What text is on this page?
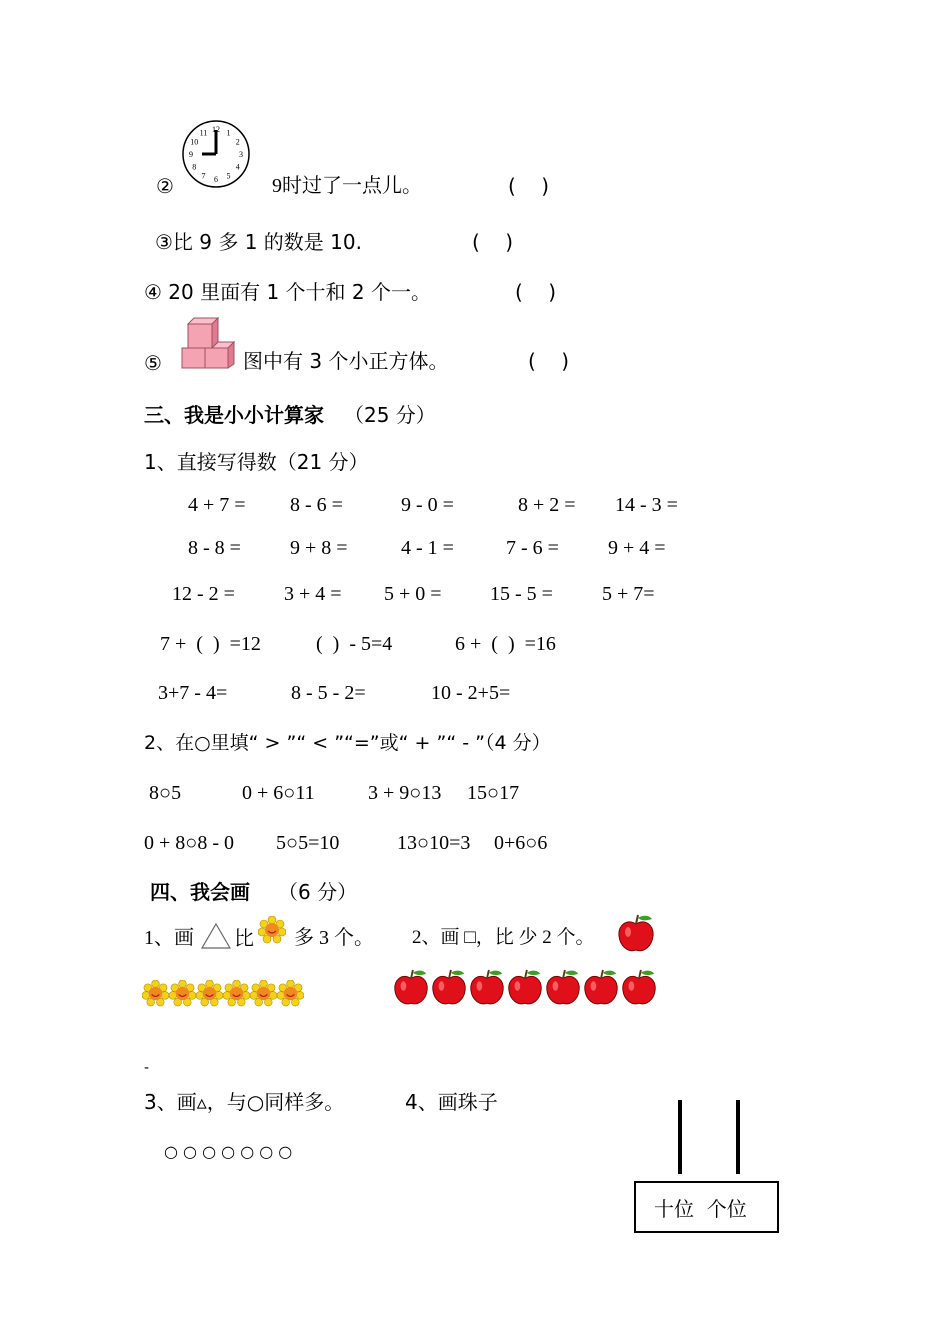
12 1
2
3
4
5
6
7
8
9
10
11
②	9时过了一点儿。	(    )
③比 9 多 1 的数是 10.	(    )
④ 20 里面有 1 个十和 2 个一。	(    )
⑤	图中有 3 个小正方体。	(    )
三、我是小小计算家 （25 分）
1、直接写得数（21 分）
4 + 7 = 8 - 6 =	9 - 0 =	8 + 2 = 14 - 3 =
8 - 8 = 9 + 8 =	4 - 1 =	7 - 6 = 9 + 4 =
12 - 2 = 3 + 4 = 5 + 0 = 15 - 5 = 5 + 7=
7 +  (  )  =12	(  )  - 5=4	6 +  (  )  =16
3+7 - 4=	8 - 5 - 2=	10 - 2+5=
2、在○里填“ > ”“ < ”“=”或“ + ”“ - ”（4 分）
8○5	0 + 6○11	3 + 9○13 15○17
0 + 8○8 - 0 5○5=10	13○10=3 0+6○6
四、我会画 （6 分）
1、画 比 多 3 个。 2、画 □，比 少 2 个。
-
3、画▵，与○同样多。
○ ○ ○ ○ ○ ○ ○
4、画珠子
十位  个位
